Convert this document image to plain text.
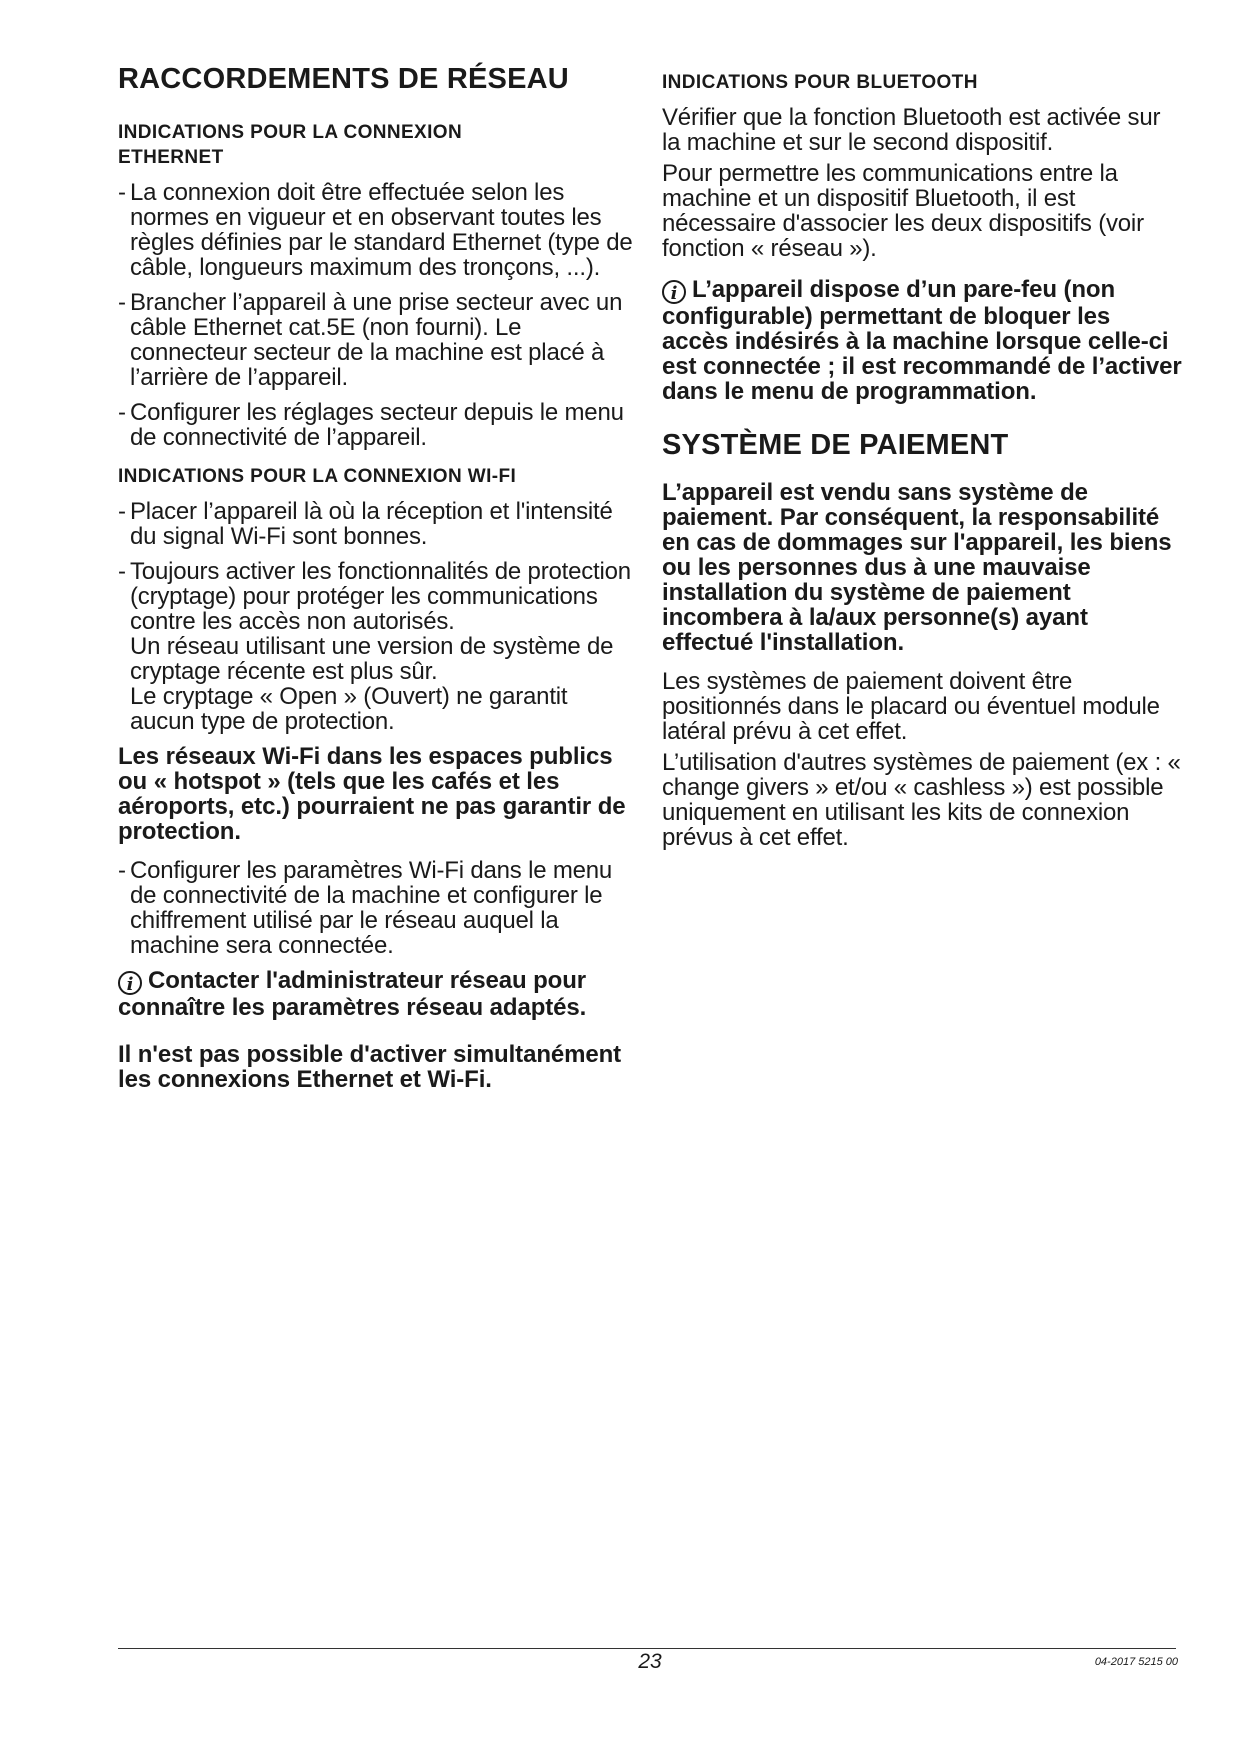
RACCORDEMENTS DE RÉSEAU
INDICATIONS POUR LA CONNEXION
ETHERNET
- La connexion doit être effectuée selon les normes en vigueur et en observant toutes les règles définies par le standard Ethernet (type de câble, longueurs maximum des tronçons, ...).
- Brancher l’appareil à une prise secteur avec un câble Ethernet cat.5E (non fourni). Le connecteur secteur de la machine est placé à l’arrière de l’appareil.
- Configurer les réglages secteur depuis le menu de connectivité de l’appareil.
INDICATIONS POUR LA CONNEXION WI-FI
- Placer l’appareil là où la réception et l'intensité du signal Wi-Fi sont bonnes.
- Toujours activer les fonctionnalités de protection (cryptage) pour protéger les communications contre les accès non autorisés.
Un réseau utilisant une version de système de cryptage récente est plus sûr.
Le cryptage « Open » (Ouvert) ne garantit aucun type de protection.

Les réseaux Wi-Fi dans les espaces publics ou « hotspot » (tels que les cafés et les aéroports, etc.) pourraient ne pas garantir de protection.

- Configurer les paramètres Wi-Fi dans le menu de connectivité de la machine et configurer le chiffrement utilisé par le réseau auquel la machine sera connectée.

i Contacter l'administrateur réseau pour connaître les paramètres réseau adaptés.

Il n'est pas possible d'activer simultanément les connexions Ethernet et Wi-Fi.

INDICATIONS POUR BLUETOOTH

Vérifier que la fonction Bluetooth est activée sur la machine et sur le second dispositif.

Pour permettre les communications entre la machine et un dispositif Bluetooth, il est nécessaire d'associer les deux dispositifs (voir fonction « réseau »).

i L’appareil dispose d’un pare-feu (non configurable) permettant de bloquer les accès indésirés à la machine lorsque celle-ci est connectée ; il est recommandé de l’activer dans le menu de programmation.

SYSTÈME DE PAIEMENT

L’appareil est vendu sans système de paiement. Par conséquent, la responsabilité en cas de dommages sur l'appareil, les biens ou les personnes dus à une mauvaise installation du système de paiement incombera à la/aux personne(s) ayant effectué l'installation.

Les systèmes de paiement doivent être positionnés dans le placard ou éventuel module latéral prévu à cet effet.

L’utilisation d'autres systèmes de paiement (ex : « change givers » et/ou « cashless ») est possible uniquement en utilisant les kits de connexion prévus à cet effet.

23	04-2017 5215 00
